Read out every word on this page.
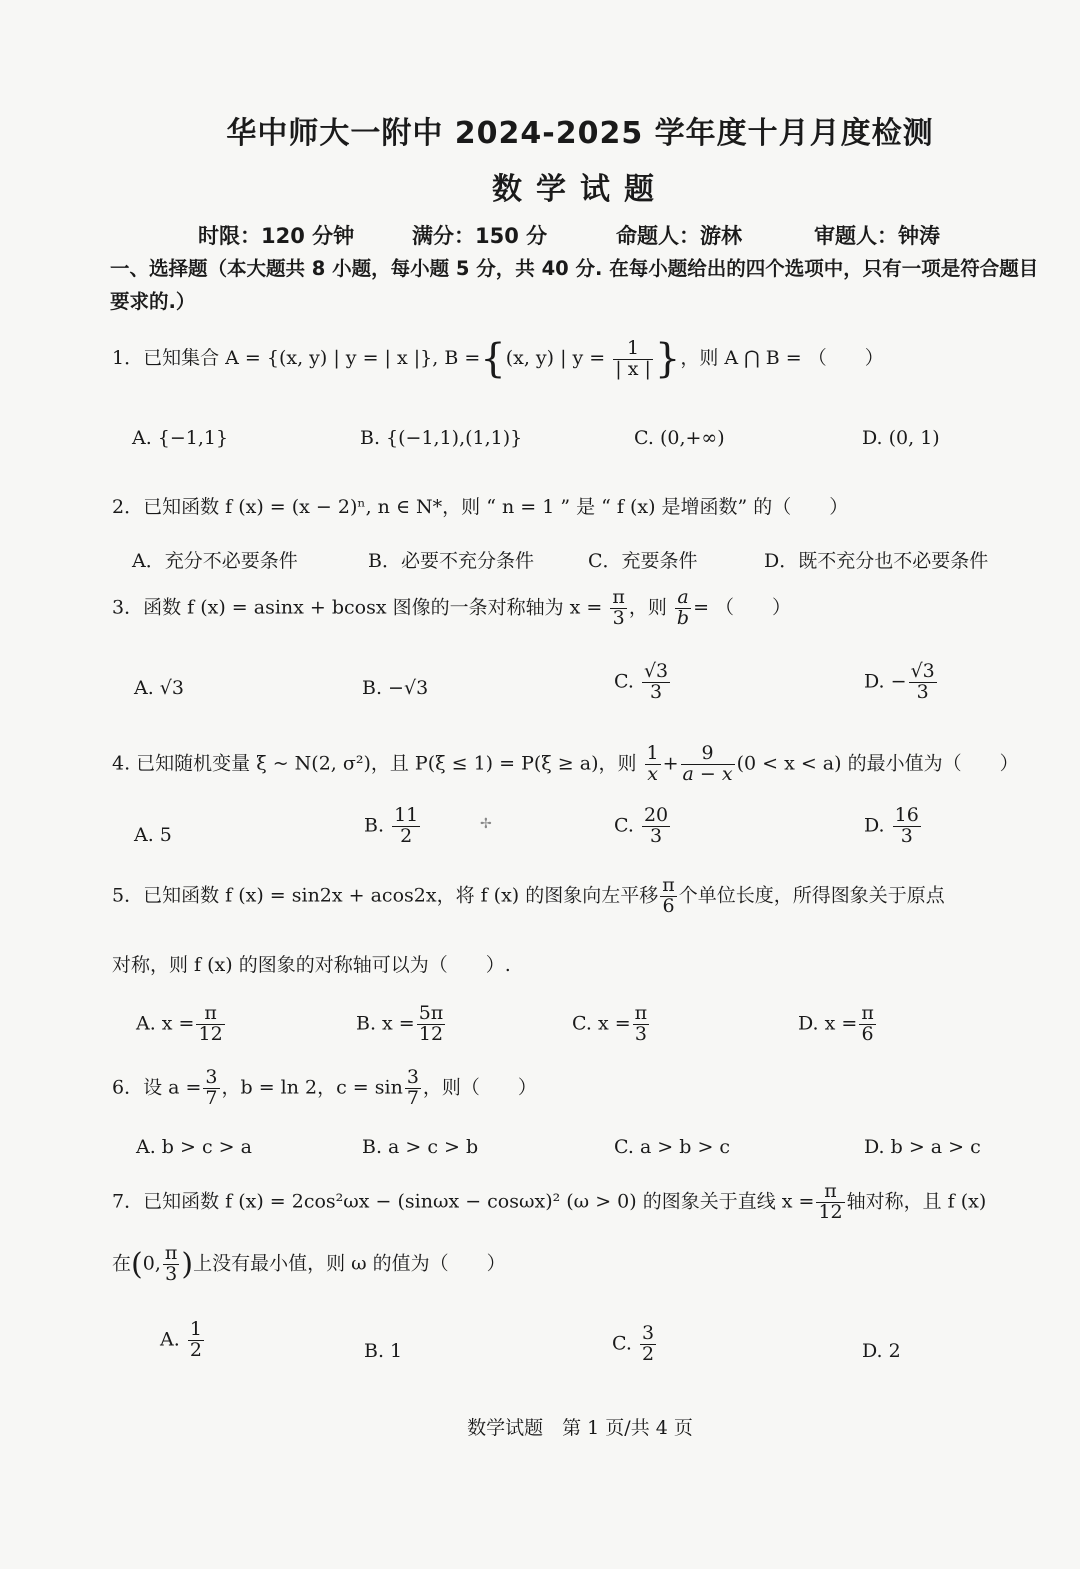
华中师大一附中 2024-2025 学年度十月月度检测
数学试题
时限：120 分钟	满分：150 分	命题人：游林	审题人：钟涛
一、选择题（本大题共 8 小题，每小题 5 分，共 40 分. 在每小题给出的四个选项中，只有一项是符合题目要求的.）
1．已知集合 A = {(x, y) | y = | x |}, B ={(x, y) | $y = \frac{1}{| x |}$ }，则 A ⋂ B = （　　）
A. {−1,1}	B. {(−1,1),(1,1)}	C. (0,+∞)	D. (0, 1)
2．已知函数 f (x) = (x − 2)ⁿ, n ∈ N*，则 “ n = 1 ” 是 “ f (x) 是增函数” 的（　　）
A．充分不必要条件	B．必要不充分条件	C．充要条件	D．既不充分也不必要条件
3．函数 f (x) = asinx + bcosx 图像的一条对称轴为 $x = \frac{\pi}{3}$ ，则 $\frac{a}{b}$ = （　　）
A. √3	B. −√3	C. $\frac{√3}{3}$	D. − $\frac{√3}{3}$
4. 已知随机变量 ξ ~ N(2, σ²)，且 P(ξ ≤ 1) = P(ξ ≥ a)，则 $\frac{1}{x} + \frac{9}{a - x} (0 < x < a)$ 的最小值为（　　）
A. 5	B. $\frac{11}{2}$	C. $\frac{20}{3}$	D. $\frac{16}{3}$
✢
5．已知函数 f (x) = sin2x + acos2x，将 f (x) 的图象向左平移 $\frac{\pi}{6}$ 个单位长度，所得图象关于原点
对称，则 f (x) 的图象的对称轴可以为（　　）.
A. $x = \frac{\pi}{12}$	B. $x = \frac{5\pi}{12}$	C. $x = \frac{\pi}{3}$	D. $x = \frac{\pi}{6}$
6．设 $a = \frac{3}{7}$ ，b = ln 2，$c = \sin \frac{3}{7}$ ，则（　　）
A. b > c > a	B. a > c > b	C. a > b > c	D. b > a > c
7．已知函数 f (x) = 2cos²ωx − (sinωx − cosωx)² (ω > 0) 的图象关于直线 $x = \frac{\pi}{12}$ 轴对称，且 f (x)
在(0, $\frac{\pi}{3}$ )上没有最小值，则 ω 的值为（　　）
A. $\frac{1}{2}$	B. 1	C. $\frac{3}{2}$	D. 2
数学试题　第 1 页/共 4 页
